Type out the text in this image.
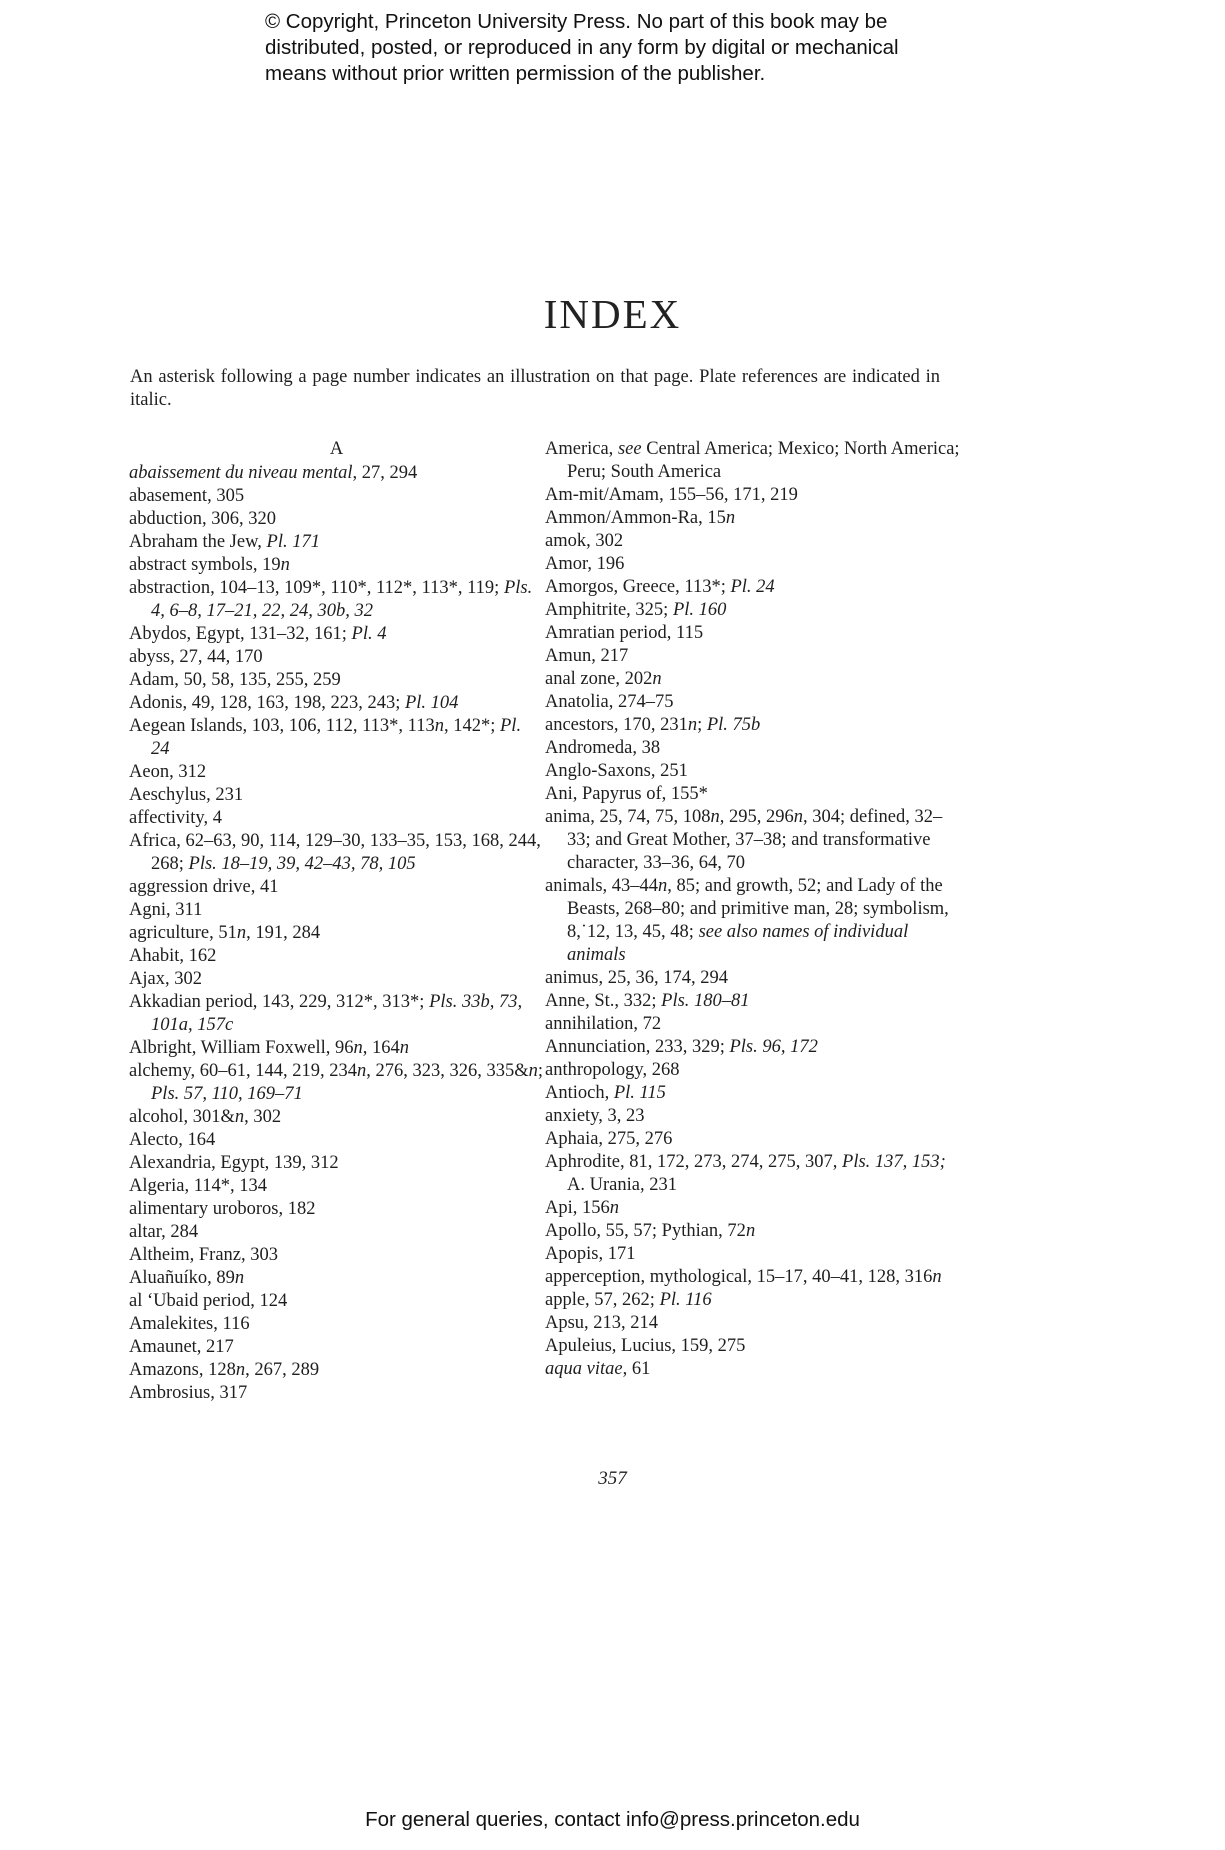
© Copyright, Princeton University Press. No part of this book may be
distributed, posted, or reproduced in any form by digital or mechanical
means without prior written permission of the publisher.
INDEX
An asterisk following a page number indicates an illustration on that page. Plate references are indicated in italic.
A
abaissement du niveau mental, 27, 294
abasement, 305
abduction, 306, 320
Abraham the Jew, Pl. 171
abstract symbols, 19n
abstraction, 104–13, 109*, 110*, 112*, 113*, 119; Pls. 4, 6–8, 17–21, 22, 24, 30b, 32
Abydos, Egypt, 131–32, 161; Pl. 4
abyss, 27, 44, 170
Adam, 50, 58, 135, 255, 259
Adonis, 49, 128, 163, 198, 223, 243; Pl. 104
Aegean Islands, 103, 106, 112, 113*, 113n, 142*; Pl. 24
Aeon, 312
Aeschylus, 231
affectivity, 4
Africa, 62–63, 90, 114, 129–30, 133–35, 153, 168, 244, 268; Pls. 18–19, 39, 42–43, 78, 105
aggression drive, 41
Agni, 311
agriculture, 51n, 191, 284
Ahabit, 162
Ajax, 302
Akkadian period, 143, 229, 312*, 313*; Pls. 33b, 73, 101a, 157c
Albright, William Foxwell, 96n, 164n
alchemy, 60–61, 144, 219, 234n, 276, 323, 326, 335&n; Pls. 57, 110, 169–71
alcohol, 301&n, 302
Alecto, 164
Alexandria, Egypt, 139, 312
Algeria, 114*, 134
alimentary uroboros, 182
altar, 284
Altheim, Franz, 303
Aluañuíko, 89n
al ‘Ubaid period, 124
Amalekites, 116
Amaunet, 217
Amazons, 128n, 267, 289
Ambrosius, 317
America, see Central America; Mexico; North America; Peru; South America
Am-mit/Amam, 155–56, 171, 219
Ammon/Ammon-Ra, 15n
amok, 302
Amor, 196
Amorgos, Greece, 113*; Pl. 24
Amphitrite, 325; Pl. 160
Amratian period, 115
Amun, 217
anal zone, 202n
Anatolia, 274–75
ancestors, 170, 231n; Pl. 75b
Andromeda, 38
Anglo-Saxons, 251
Ani, Papyrus of, 155*
anima, 25, 74, 75, 108n, 295, 296n, 304; defined, 32–33; and Great Mother, 37–38; and transformative character, 33–36, 64, 70
animals, 43–44n, 85; and growth, 52; and Lady of the Beasts, 268–80; and primitive man, 28; symbolism, 8,˙12, 13, 45, 48; see also names of individual animals
animus, 25, 36, 174, 294
Anne, St., 332; Pls. 180–81
annihilation, 72
Annunciation, 233, 329; Pls. 96, 172
anthropology, 268
Antioch, Pl. 115
anxiety, 3, 23
Aphaia, 275, 276
Aphrodite, 81, 172, 273, 274, 275, 307, Pls. 137, 153; A. Urania, 231
Api, 156n
Apollo, 55, 57; Pythian, 72n
Apopis, 171
apperception, mythological, 15–17, 40–41, 128, 316n
apple, 57, 262; Pl. 116
Apsu, 213, 214
Apuleius, Lucius, 159, 275
aqua vitae, 61
357
For general queries, contact info@press.princeton.edu
